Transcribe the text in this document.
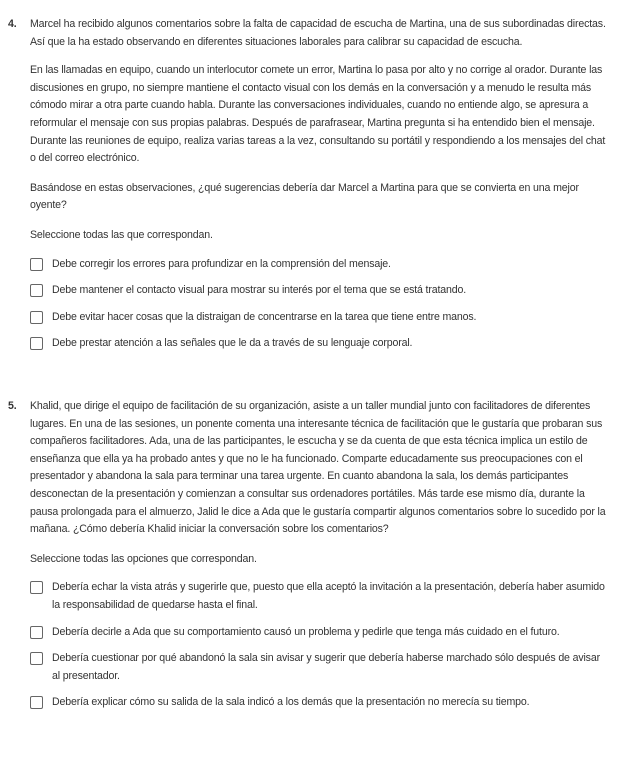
4. Marcel ha recibido algunos comentarios sobre la falta de capacidad de escucha de Martina, una de sus subordinadas directas. Así que la ha estado observando en diferentes situaciones laborales para calibrar su capacidad de escucha.

En las llamadas en equipo, cuando un interlocutor comete un error, Martina lo pasa por alto y no corrige al orador. Durante las discusiones en grupo, no siempre mantiene el contacto visual con los demás en la conversación y a menudo le resulta más cómodo mirar a otra parte cuando habla. Durante las conversaciones individuales, cuando no entiende algo, se apresura a reformular el mensaje con sus propias palabras. Después de parafrasear, Martina pregunta si ha entendido bien el mensaje. Durante las reuniones de equipo, realiza varias tareas a la vez, consultando su portátil y respondiendo a los mensajes del chat o del correo electrónico.

Basándose en estas observaciones, ¿qué sugerencias debería dar Marcel a Martina para que se convierta en una mejor oyente?

Seleccione todas las que correspondan.

Debe corregir los errores para profundizar en la comprensión del mensaje.
Debe mantener el contacto visual para mostrar su interés por el tema que se está tratando.
Debe evitar hacer cosas que la distraigan de concentrarse en la tarea que tiene entre manos.
Debe prestar atención a las señales que le da a través de su lenguaje corporal.
5. Khalid, que dirige el equipo de facilitación de su organización, asiste a un taller mundial junto con facilitadores de diferentes lugares. En una de las sesiones, un ponente comenta una interesante técnica de facilitación que le gustaría que probaran sus compañeros facilitadores. Ada, una de las participantes, le escucha y se da cuenta de que esta técnica implica un estilo de enseñanza que ella ya ha probado antes y que no le ha funcionado. Comparte educadamente sus preocupaciones con el presentador y abandona la sala para terminar una tarea urgente. En cuanto abandona la sala, los demás participantes desconectan de la presentación y comienzan a consultar sus ordenadores portátiles. Más tarde ese mismo día, durante la pausa prolongada para el almuerzo, Jalid le dice a Ada que le gustaría compartir algunos comentarios sobre lo sucedido por la mañana. ¿Cómo debería Khalid iniciar la conversación sobre los comentarios?

Seleccione todas las opciones que correspondan.

Debería echar la vista atrás y sugerirle que, puesto que ella aceptó la invitación a la presentación, debería haber asumido la responsabilidad de quedarse hasta el final.
Debería decirle a Ada que su comportamiento causó un problema y pedirle que tenga más cuidado en el futuro.
Debería cuestionar por qué abandonó la sala sin avisar y sugerir que debería haberse marchado sólo después de avisar al presentador.
Debería explicar cómo su salida de la sala indicó a los demás que la presentación no merecía su tiempo.
